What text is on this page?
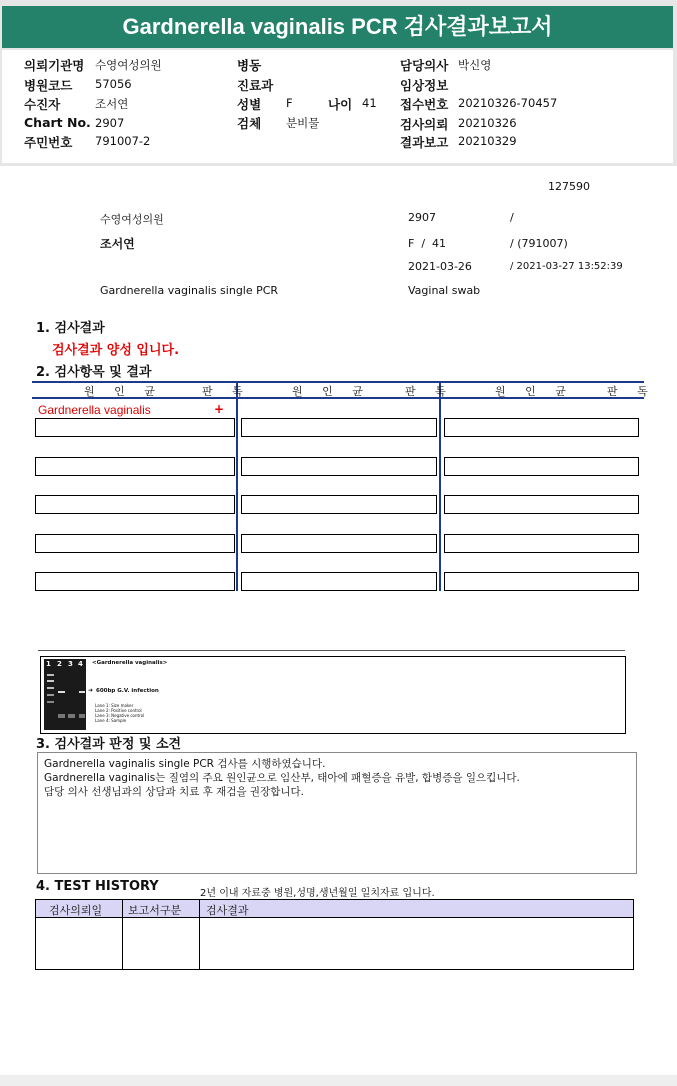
Gardnerella vaginalis PCR 검사결과보고서
의뢰기관명 수영여성의원	병동	담당의사 박신영
병원코드 57056	진료과	임상정보
수진자	조서연	성별 F	나이 41 접수번호 20210326-70457
Chart No. 2907	검체 분비물	검사의뢰 20210326
주민번호 791007-2	결과보고 20210329
127590
수영여성의원	2907	/
조서연	F  /  41	/ (791007)
2021-03-26	/ 2021-03-27 13:52:39
Gardnerella vaginalis single PCR	Vaginal swab
1. 검사결과
검사결과 양성 입니다.
2. 검사항목 및 결과
원 인 균	판 독	원 인 균	판 독	원 인 균	판 독
Gardnerella vaginalis	+
1 2 3 4 <Gardnerella vaginalis>
➜ 600bp G.V. infection
Lane 1: Size maker
Lane 2: Positive control
Lane 3: Negative control
Lane 4: Sample
3. 검사결과 판정 및 소견
Gardnerella vaginalis single PCR 검사를 시행하였습니다.
Gardnerella vaginalis는 질염의 주요 원인균으로 임산부, 태아에 패혈증을 유발, 합병증을 일으킵니다.
담당 의사 선생님과의 상담과 치료 후 재검을 권장합니다.
4. TEST HISTORY	2년 이내 자료중 병원,성명,생년월일 일치자료 입니다.
검사의뢰일 보고서구분 검사결과
